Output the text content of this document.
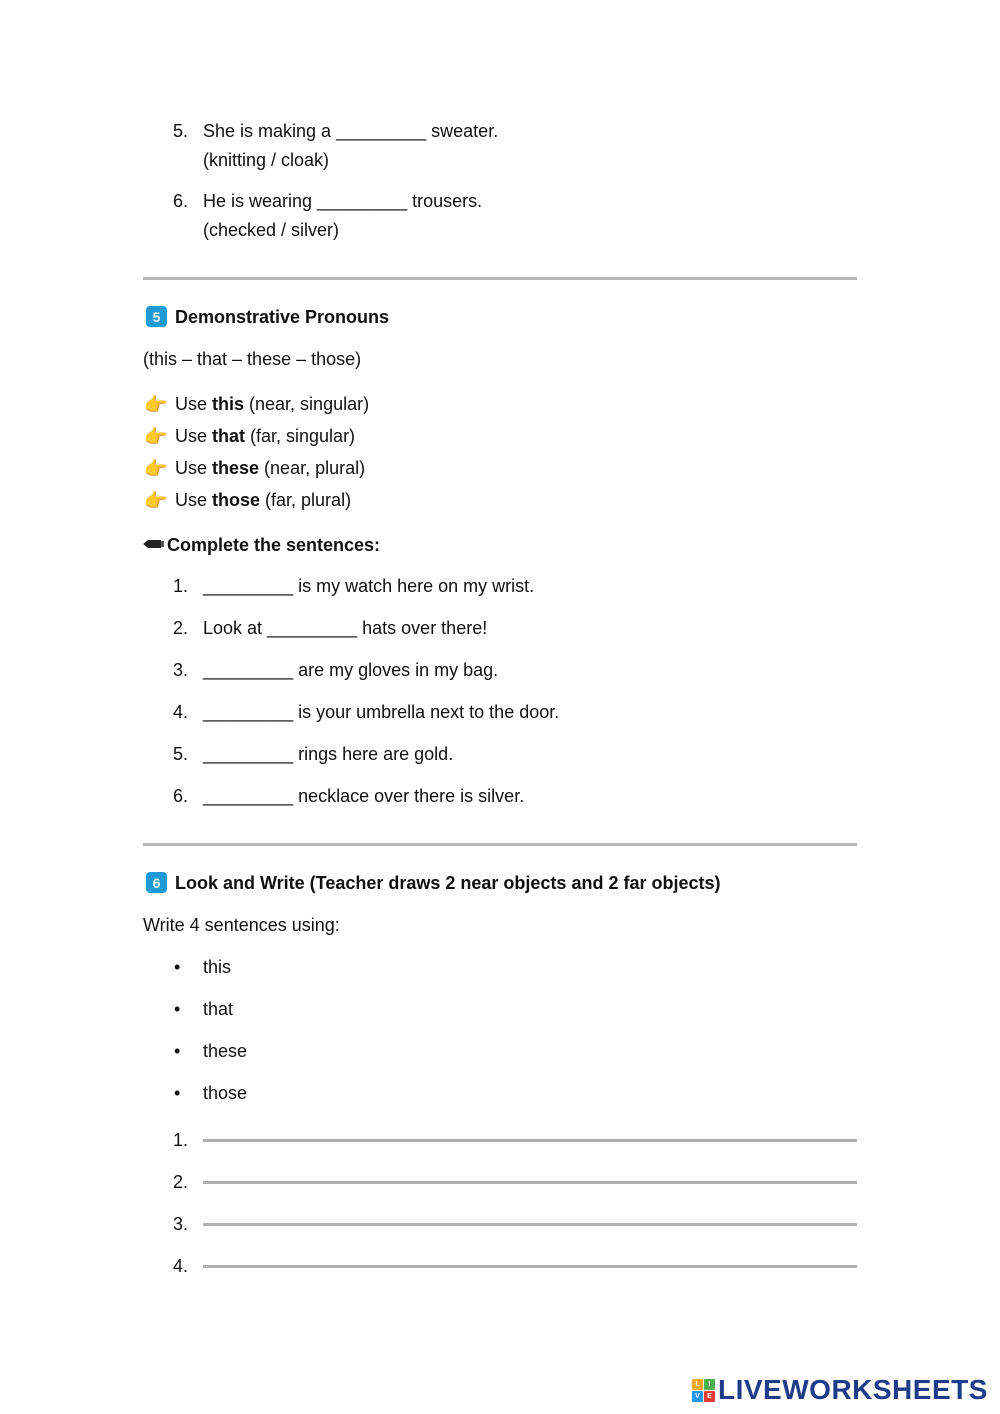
5. She is making a _________ sweater.
(knitting / cloak)
6. He is wearing _________ trousers.
(checked / silver)
5 Demonstrative Pronouns
(this – that – these – those)
👉 Use this (near, singular)
👉 Use that (far, singular)
👉 Use these (near, plural)
👉 Use those (far, plural)
Complete the sentences:
1. _________ is my watch here on my wrist.
2. Look at _________ hats over there!
3. _________ are my gloves in my bag.
4. _________ is your umbrella next to the door.
5. _________ rings here are gold.
6. _________ necklace over there is silver.
6 Look and Write (Teacher draws 2 near objects and 2 far objects)
Write 4 sentences using:
• this
• that
• these
• those
1.
2.
3.
4.
L	I
V	E LIVEWORKSHEETS
